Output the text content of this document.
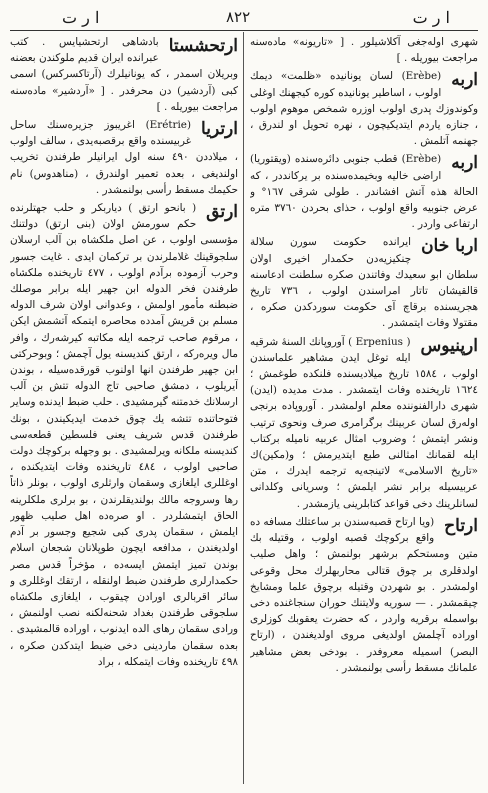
ا ر ت	٨٢٢	ا ر ت

شهرى اولەجغى آكلاشيلور . [ «تاريونه» مادەسنه مراجعت بيوريله . ]

اربه
(Erèbe) لسان يونانيده «ظلمت» ديمك اولوب ، اساطير يونانيده كوره كيجهنك اوغلى وكوندوزك پدرى اولوب اوزره شمخص موهوم اولوب ، جنازه ياردم ايتديكيچون ، نهره تحويل او لندرق ، جهنمه آتلمش .

اربه
(Erèbe) قطب جنوبى دائرەسنده (ويقتوريا) اراضى خاليه وبخيمدەسنده بر يركانددر ، كه الحالة هذه آتش افشاندر . طولى شرقى ١٦٧° و عرض جنوبيه واقع اولوب ، حذاى بحردن ٣٧٦٠ متره ارتفاعى واردر .

اربا خان
ايرانده حكومت سورن سلالة چنكيزيەدن حكمدار اخيرى اولان سلطان ابو سعيدك وفاتندن صكره سلطنت ادعاسنه قالقيشان تاتار امراسندن اولوب ، ٧٣٦ تاريخ هجريسنده برقاچ آى حكومت سوردكدن صكره ، مقتولا وفات ايتمشدر .

ارپنيوس
( Erpenius ) آوروپانك السنهٔ شرقيه ايله توغل ايدن مشاهير علماسندن اولوب ، ١٥٨٤ تاريخ ميلاديسنده فلنكده طوغمش ؛ ١٦٢٤ تاريخنده وفات ايتمشدر . مدت مديده (ايدن) شهرى دارالفنوننده معلم اولمشدر . آوروپاده برنجى اولەرق لسان عربينك برگرامرى صرف ونحوى ترتيب ونشر ايتمش ؛ وضروب امثال عربيه ناميله بركتاب ايله لقمانك امثالنى طبع ايتديرمش ؛ و(مكين)ك «تاريخ الاسلامى» لاتينجەيه ترجمه ايدرك ، متن عربيسيله برابر نشر ايلمش ؛ وسريانى وكلدانى لسانلرينك دخى قواعد كتابلرينى يازمشدر .

ارتاح
(ويا ارتاح قصبەسندن بر ساعتلك مسافه ده واقع بركوچك قصبه اولوب ، وقتيله بك متين ومستحكم برشهر بولنمش ؛ واهل صليب اولدقلرى بر چوق قتالى محاربهلرك محل وقوعى اولمشدر . بو شهردن وقتيله برچوق علما ومشايخ چيقمشدر . — سوريه ولايتنك حوران سنجاغنده دخى بواسمله برقريه واردر ، كه حضرت يعقوبك كوزلرى اورادە آچلمش اولديغى مروى اولديغندن ، (ارتاح البصر) اسميله معروفدر . بودخى بعض مشاهير علمانك مسقط رأسى بولنمشدر .

ارتحشستا
بادشاهى ارتحشيايس . كتب عبراندە ايران قديم ملوكندن بعضنه وبريلان اسمدر ، كه يونانيلرك (آرتاكسرکس) اسمى كبى (آردشير) دن محرفدر . [ «آردشير» مادەسنه مراجعت بيوريله . ]

ارتريا
(Erétrie) اغريبوز جزيرەسنك ساحل غربيسنده واقع برقصبەيدى ، سالف اولوب ، ميلاددن ٤٩٠ سنه اول ايرانيلر طرفندن تخريب اولنديغى ، بعده تعمير اولندرق ، (مناهدوس) نام حكيمك مسقط رأسى بولنمشدر .

ارتق
( بانحو ارتق ) دياربكر و حلب جهتلرنده حكم سورمش اولان (بنى ارتق) دولتنك مؤسسى اولوب ، عن اصل ملكشاه بن آلب ارسلان سلجوقينك غلاملرندن بر تركمان ايدى . غايت جسور وحرب آزموده برآدم اولوب ، ٤٧٧ تاريخنده ملكشاه طرفندن فخر الدوله ابن جهير ايله برابر موصلك ضبطنه مأمور اولمش ، وعدوانى اولان شرف الدوله مسلم بن قريش آمدده محاصره ايتمكه آتشمش ايكن ، مرقوم صاحب ترجمه ايله مكاتبه كيرشەرك ، وافر مال ويرەركه ، ارتق كنديسنه يول آچمش ؛ وبوحركتى ابن جهير طرفندن انها اولنوب قورقدەسيله ، بوندن آيريلوب ، دمشق صاحبى تاج الدوله تتش بن آلب ارسلانك خدمتنه گيرمشيدى . حلب ضبط ايدنده وساير فتوحاتنده تتشه يك چوق خدمت ايديكيندن ، بونك طرفندن قدس شريف يعنى فلسطين قطعەسى كنديسنه ملكانه ويرلمشيدى . بو وجهله بركوچك دولت صاحبى اولوب ، ٤٨٤ تاريخنده وفات ايتديكندە ، اوغللرى ايلغازى وسقمان وارثلرى اولوب ، بونلر ذاتاً رها وسروجه مالك بولنديقلرندن ، بو برلرى ملكلرينه الحاق ايتمشلردر . او صرەده اهل صليب ظهور ايلمش ، سقمان پدرى كبى شجيع وجسور بر آدم اولديغندن ، مدافعه ايچون طوپلانان شجعان اسلام بوندن تميز ايتمش ايسەده ، مؤخراً قدس مصر حكمدارلرى طرفندن ضبط اولنقله ، ارتقك اوغللرى و سائر اقربالرى اورادن چيقوب ، ايلغازى ملكشاه سلجوقى طرفندن بغداد شحنەلكنه نصب اولنمش ، ورادى سقمان رهاى الده ايدنوب ، اوراده قالمشيدى . بعده سقمان ماردينى دخى ضبط ايتدكدن صكره ، ٤٩٨ تاريخنده وفات ايتمكله ، براد
